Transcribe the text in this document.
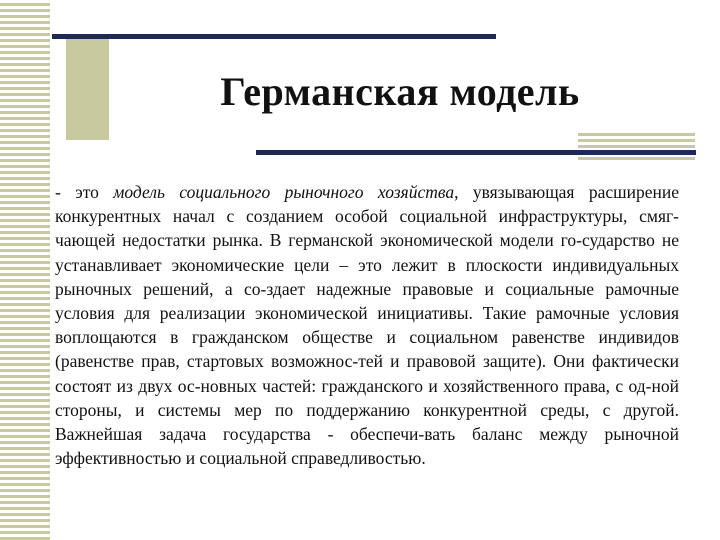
Германская модель

- это модель социального рыночного хозяйства, увязывающая расширение конкурентных начал с созданием особой социальной инфраструктуры, смяг-чающей недостатки рынка. В германской экономической модели го-сударство не устанавливает экономические цели – это лежит в плоскости индивидуальных рыночных решений, а со-здает надежные правовые и социальные рамочные условия для реализации экономической инициативы. Такие рамочные условия воплощаются в гражданском обществе и социальном равенстве индивидов (равенстве прав, стартовых возможнос-тей и правовой защите). Они фактически состоят из двух ос-новных частей: гражданского и хозяйственного права, с од-ной стороны, и системы мер по поддержанию конкурентной среды, с другой. Важнейшая задача государства - обеспечи-вать баланс между рыночной эффективностью и социальной справедливостью.
